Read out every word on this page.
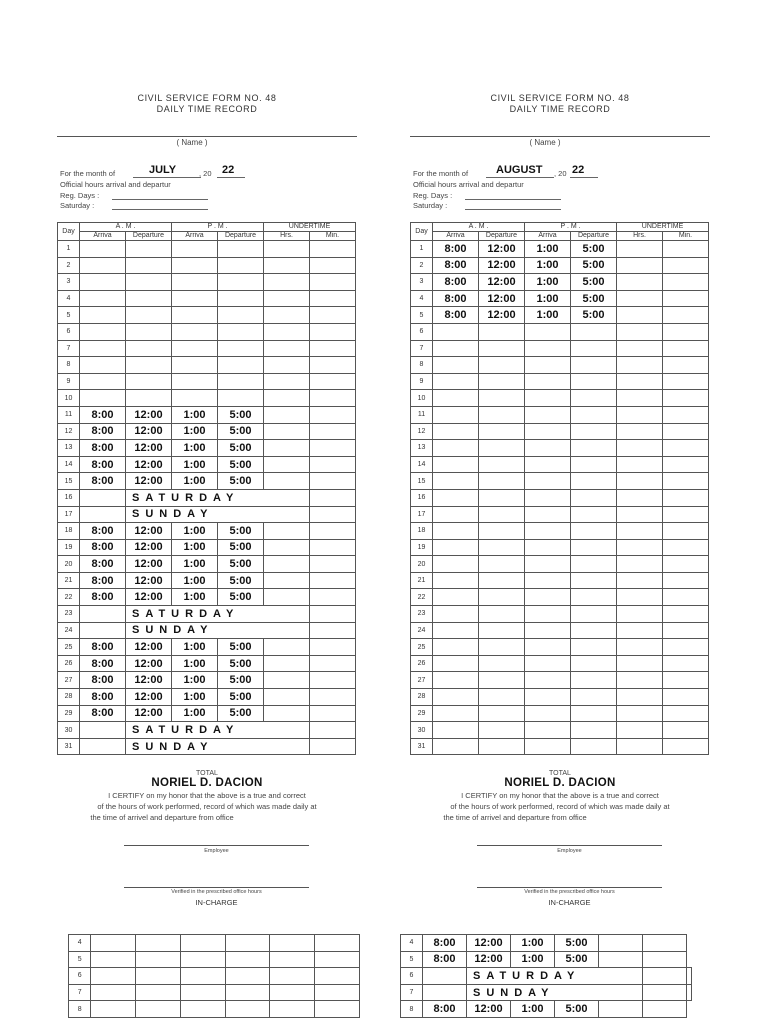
CIVIL SERVICE FORM NO. 48
DAILY TIME RECORD
( Name )
For the month of	JULY	, 20 22
Official hours arrival and departur
Reg. Days :
Saturday :
Day	A . M .		P . M .		UNDERTIME		
	Arriva	Departure	Arriva	Departure	Hrs.	Min.	
1							
2							
3							
4							
5							
6							
7							
8							
9							
10							
11	8:00	12:00	1:00	5:00			
12	8:00	12:00	1:00	5:00			
13	8:00	12:00	1:00	5:00			
14	8:00	12:00	1:00	5:00			
15	8:00	12:00	1:00	5:00			
16		SATURDAY					
17		SUNDAY					
18	8:00	12:00	1:00	5:00			
19	8:00	12:00	1:00	5:00			
20	8:00	12:00	1:00	5:00			
21	8:00	12:00	1:00	5:00			
22	8:00	12:00	1:00	5:00			
23		SATURDAY					
24		SUNDAY					
25	8:00	12:00	1:00	5:00			
26	8:00	12:00	1:00	5:00			
27	8:00	12:00	1:00	5:00			
28	8:00	12:00	1:00	5:00			
29	8:00	12:00	1:00	5:00			
30		SATURDAY					
31		SUNDAY					
TOTAL
NORIEL D. DACION
I CERTIFY on my honor that the above is a true and correct
of the hours of work performed, record of which was made daily at
the time of arrivel and departure from office
Employee
Verified in the prescribed office hours
IN-CHARGE
CIVIL SERVICE FORM NO. 48
DAILY TIME RECORD
( Name )
For the month of	AUGUST , 20 22
Official hours arrival and departur
Reg. Days :
Saturday :
Day	A . M .		P . M .		UNDERTIME	
	Arriva	Departure	Arriva	Departure	Hrs.	Min.
1	8:00	12:00	1:00	5:00		
2	8:00	12:00	1:00	5:00		
3	8:00	12:00	1:00	5:00		
4	8:00	12:00	1:00	5:00		
5	8:00	12:00	1:00	5:00		
6						
7						
8						
9						
10						
11						
12						
13						
14						
15						
16						
17						
18						
19						
20						
21						
22						
23						
24						
25						
26						
27						
28						
29						
30						
31						
TOTAL
NORIEL D. DACION
I CERTIFY on my honor that the above is a true and correct
of the hours of work performed, record of which was made daily at
the time of arrivel and departure from office
Employee
Verified in the prescribed office hours
IN-CHARGE
4						
5						
6						
7						
8						
4	8:00	12:00	1:00	5:00			
5	8:00	12:00	1:00	5:00			
6		SATURDAY					
7		SUNDAY					
8	8:00	12:00	1:00	5:00			
